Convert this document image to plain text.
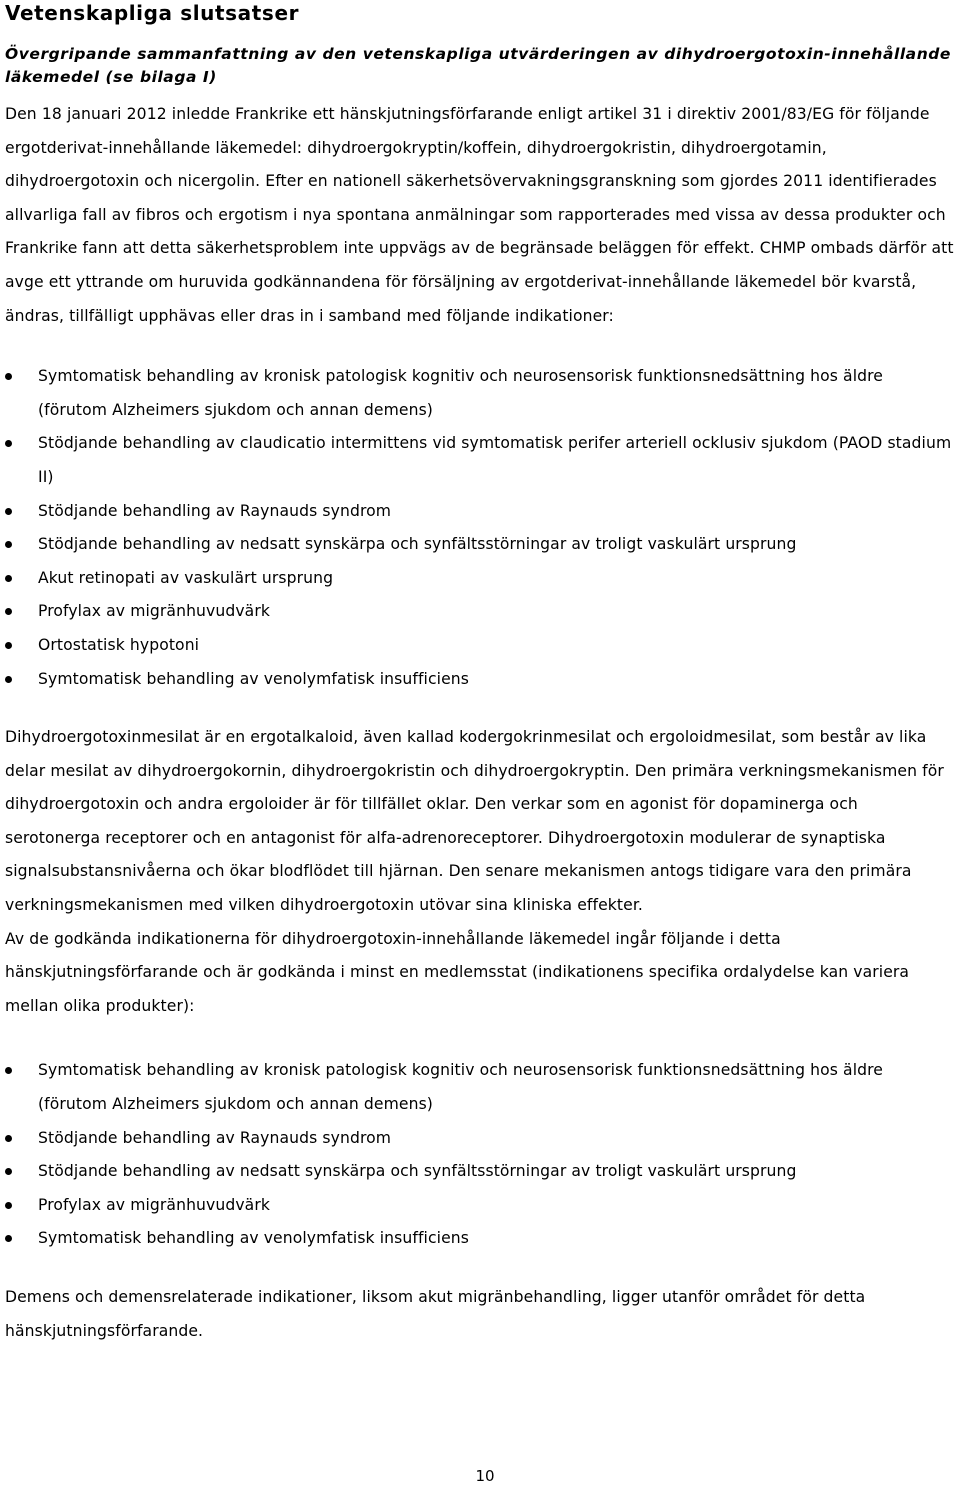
Vetenskapliga slutsatser
Övergripande sammanfattning av den vetenskapliga utvärderingen av dihydroergotoxin-innehållande läkemedel (se bilaga I)

Den 18 januari 2012 inledde Frankrike ett hänskjutningsförfarande enligt artikel 31 i direktiv 2001/83/EG för följande ergotderivat-innehållande läkemedel: dihydroergokryptin/koffein, dihydroergokristin, dihydroergotamin, dihydroergotoxin och nicergolin. Efter en nationell säkerhetsövervakningsgranskning som gjordes 2011 identifierades allvarliga fall av fibros och ergotism i nya spontana anmälningar som rapporterades med vissa av dessa produkter och Frankrike fann att detta säkerhetsproblem inte uppvägs av de begränsade beläggen för effekt. CHMP ombads därför att avge ett yttrande om huruvida godkännandena för försäljning av ergotderivat-innehållande läkemedel bör kvarstå, ändras, tillfälligt upphävas eller dras in i samband med följande indikationer:

Symtomatisk behandling av kronisk patologisk kognitiv och neurosensorisk funktionsnedsättning hos äldre (förutom Alzheimers sjukdom och annan demens)
Stödjande behandling av claudicatio intermittens vid symtomatisk perifer arteriell ocklusiv sjukdom (PAOD stadium II)
Stödjande behandling av Raynauds syndrom
Stödjande behandling av nedsatt synskärpa och synfältsstörningar av troligt vaskulärt ursprung
Akut retinopati av vaskulärt ursprung
Profylax av migränhuvudvärk
Ortostatisk hypotoni
Symtomatisk behandling av venolymfatisk insufficiens

Dihydroergotoxinmesilat är en ergotalkaloid, även kallad kodergokrinmesilat och ergoloidmesilat, som består av lika delar mesilat av dihydroergokornin, dihydroergokristin och dihydroergokryptin. Den primära verkningsmekanismen för dihydroergotoxin och andra ergoloider är för tillfället oklar. Den verkar som en agonist för dopaminerga och serotonerga receptorer och en antagonist för alfa-adrenoreceptorer. Dihydroergotoxin modulerar de synaptiska signalsubstansnivåerna och ökar blodflödet till hjärnan. Den senare mekanismen antogs tidigare vara den primära verkningsmekanismen med vilken dihydroergotoxin utövar sina kliniska effekter.

Av de godkända indikationerna för dihydroergotoxin-innehållande läkemedel ingår följande i detta hänskjutningsförfarande och är godkända i minst en medlemsstat (indikationens specifika ordalydelse kan variera mellan olika produkter):

Symtomatisk behandling av kronisk patologisk kognitiv och neurosensorisk funktionsnedsättning hos äldre (förutom Alzheimers sjukdom och annan demens)
Stödjande behandling av Raynauds syndrom
Stödjande behandling av nedsatt synskärpa och synfältsstörningar av troligt vaskulärt ursprung
Profylax av migränhuvudvärk
Symtomatisk behandling av venolymfatisk insufficiens

Demens och demensrelaterade indikationer, liksom akut migränbehandling, ligger utanför området för detta hänskjutningsförfarande.

10
